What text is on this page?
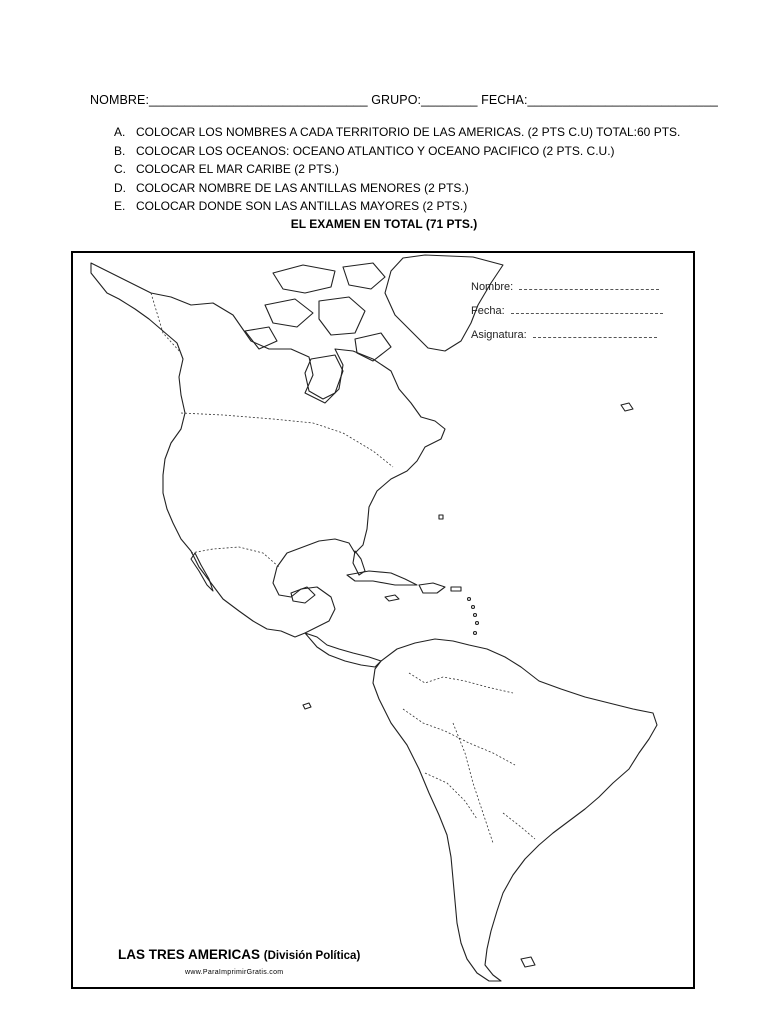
NOMBRE:_______________________________ GRUPO:________ FECHA:___________________________
A. COLOCAR LOS NOMBRES A CADA TERRITORIO DE LAS AMERICAS. (2 PTS C.U) TOTAL:60 PTS.
B. COLOCAR LOS OCEANOS: OCEANO ATLANTICO Y OCEANO PACIFICO (2 PTS. C.U.)
C. COLOCAR EL MAR CARIBE (2 PTS.)
D. COLOCAR NOMBRE DE LAS ANTILLAS MENORES (2 PTS.)
E. COLOCAR DONDE SON LAS ANTILLAS MAYORES (2 PTS.)
EL EXAMEN EN TOTAL (71 PTS.)
Nombre:
Fecha:
Asignatura:
LAS TRES AMERICAS (División Política)
www.ParaImprimirGratis.com
